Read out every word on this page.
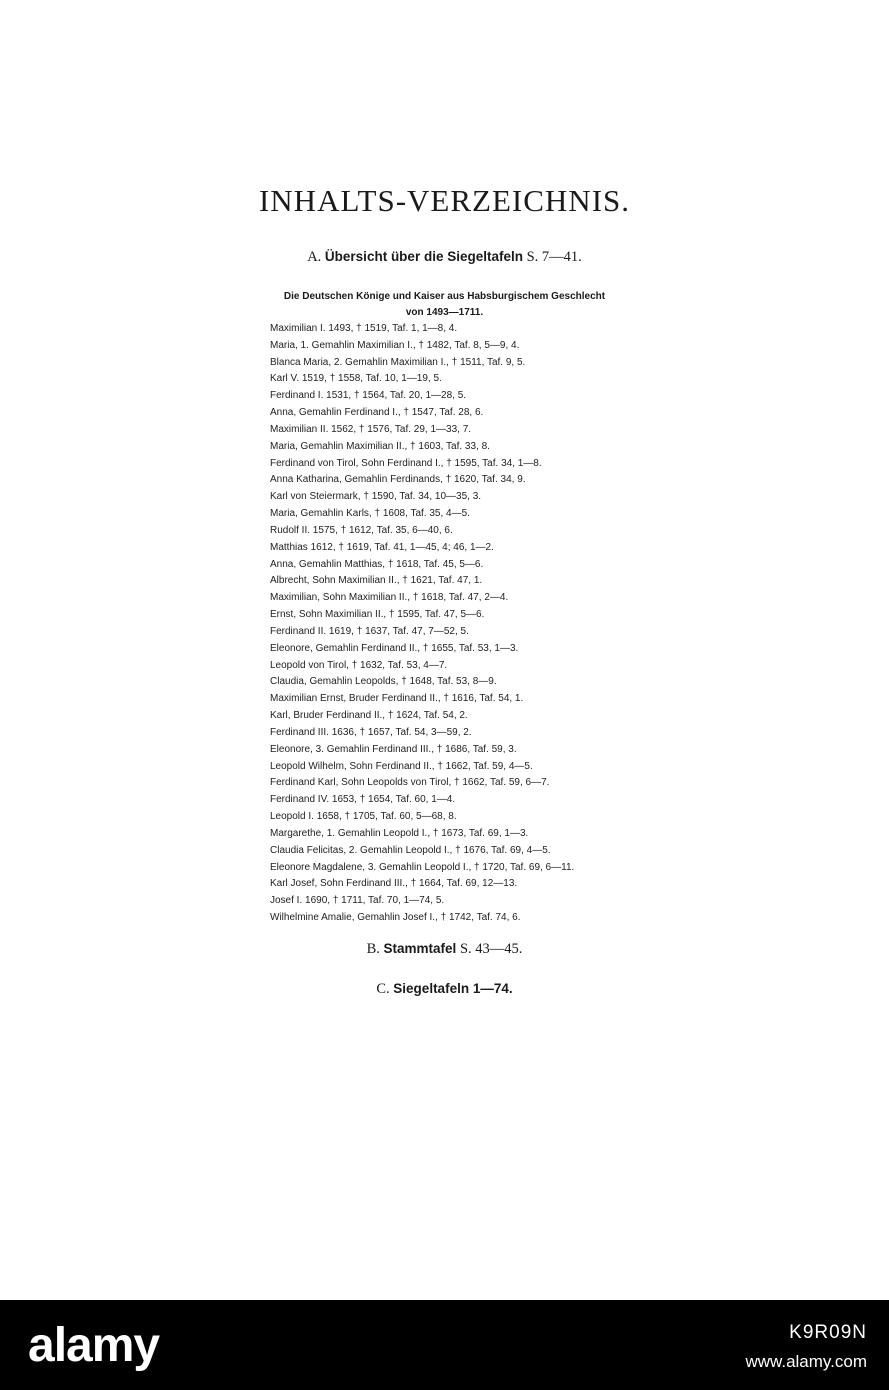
INHALTS-VERZEICHNIS.

A. Übersicht über die Siegeltafeln S. 7—41.

Die Deutschen Könige und Kaiser aus Habsburgischem Geschlecht
von 1493—1711.
Maximilian I. 1493, † 1519, Taf. 1, 1—8, 4.
Maria, 1. Gemahlin Maximilian I., † 1482, Taf. 8, 5—9, 4.
Blanca Maria, 2. Gemahlin Maximilian I., † 1511, Taf. 9, 5.
Karl V. 1519, † 1558, Taf. 10, 1—19, 5.
Ferdinand I. 1531, † 1564, Taf. 20, 1—28, 5.
Anna, Gemahlin Ferdinand I., † 1547, Taf. 28, 6.
Maximilian II. 1562, † 1576, Taf. 29, 1—33, 7.
Maria, Gemahlin Maximilian II., † 1603, Taf. 33, 8.
Ferdinand von Tirol, Sohn Ferdinand I., † 1595, Taf. 34, 1—8.
Anna Katharina, Gemahlin Ferdinands, † 1620, Taf. 34, 9.
Karl von Steiermark, † 1590, Taf. 34, 10—35, 3.
Maria, Gemahlin Karls, † 1608, Taf. 35, 4—5.
Rudolf II. 1575, † 1612, Taf. 35, 6—40, 6.
Matthias 1612, † 1619, Taf. 41, 1—45, 4; 46, 1—2.
Anna, Gemahlin Matthias, † 1618, Taf. 45, 5—6.
Albrecht, Sohn Maximilian II., † 1621, Taf. 47, 1.
Maximilian, Sohn Maximilian II., † 1618, Taf. 47, 2—4.
Ernst, Sohn Maximilian II., † 1595, Taf. 47, 5—6.
Ferdinand II. 1619, † 1637, Taf. 47, 7—52, 5.
Eleonore, Gemahlin Ferdinand II., † 1655, Taf. 53, 1—3.
Leopold von Tirol, † 1632, Taf. 53, 4—7.
Claudia, Gemahlin Leopolds, † 1648, Taf. 53, 8—9.
Maximilian Ernst, Bruder Ferdinand II., † 1616, Taf. 54, 1.
Karl, Bruder Ferdinand II., † 1624, Taf. 54, 2.
Ferdinand III. 1636, † 1657, Taf. 54, 3—59, 2.
Eleonore, 3. Gemahlin Ferdinand III., † 1686, Taf. 59, 3.
Leopold Wilhelm, Sohn Ferdinand II., † 1662, Taf. 59, 4—5.
Ferdinand Karl, Sohn Leopolds von Tirol, † 1662, Taf. 59, 6—7.
Ferdinand IV. 1653, † 1654, Taf. 60, 1—4.
Leopold I. 1658, † 1705, Taf. 60, 5—68, 8.
Margarethe, 1. Gemahlin Leopold I., † 1673, Taf. 69, 1—3.
Claudia Felicitas, 2. Gemahlin Leopold I., † 1676, Taf. 69, 4—5.
Eleonore Magdalene, 3. Gemahlin Leopold I., † 1720, Taf. 69, 6—11.
Karl Josef, Sohn Ferdinand III., † 1664, Taf. 69, 12—13.
Josef I. 1690, † 1711, Taf. 70, 1—74, 5.
Wilhelmine Amalie, Gemahlin Josef I., † 1742, Taf. 74, 6.

B. Stammtafel S. 43—45.

C. Siegeltafeln 1—74.

alamy	K9R09N
www.alamy.com
